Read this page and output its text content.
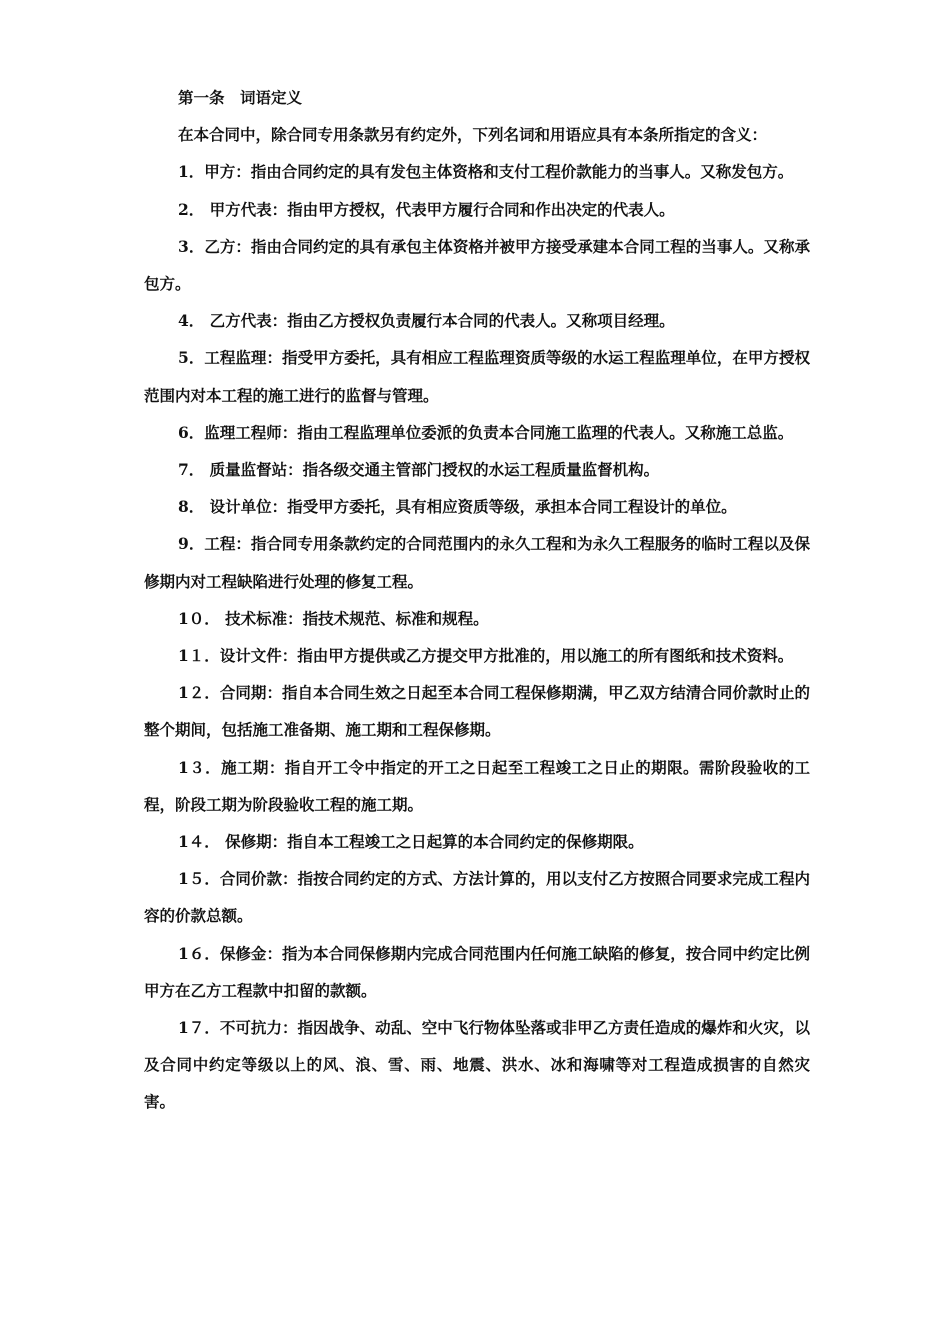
第一条　词语定义

在本合同中，除合同专用条款另有约定外，下列名词和用语应具有本条所指定的含义：

1．甲方：指由合同约定的具有发包主体资格和支付工程价款能力的当事人。又称发包方。

2． 甲方代表：指由甲方授权，代表甲方履行合同和作出决定的代表人。

3．乙方：指由合同约定的具有承包主体资格并被甲方接受承建本合同工程的当事人。又称承包方。

4． 乙方代表：指由乙方授权负责履行本合同的代表人。又称项目经理。

5．工程监理：指受甲方委托，具有相应工程监理资质等级的水运工程监理单位，在甲方授权范围内对本工程的施工进行的监督与管理。

6．监理工程师：指由工程监理单位委派的负责本合同施工监理的代表人。又称施工总监。

7． 质量监督站：指各级交通主管部门授权的水运工程质量监督机构。

8． 设计单位：指受甲方委托，具有相应资质等级，承担本合同工程设计的单位。

9．工程：指合同专用条款约定的合同范围内的永久工程和为永久工程服务的临时工程以及保修期内对工程缺陷进行处理的修复工程。

1０． 技术标准：指技术规范、标准和规程。

1１．设计文件：指由甲方提供或乙方提交甲方批准的，用以施工的所有图纸和技术资料。

1２．合同期：指自本合同生效之日起至本合同工程保修期满，甲乙双方结清合同价款时止的整个期间，包括施工准备期、施工期和工程保修期。

1３．施工期：指自开工令中指定的开工之日起至工程竣工之日止的期限。需阶段验收的工程，阶段工期为阶段验收工程的施工期。

1４． 保修期：指自本工程竣工之日起算的本合同约定的保修期限。

1５．合同价款：指按合同约定的方式、方法计算的，用以支付乙方按照合同要求完成工程内容的价款总额。

1６．保修金：指为本合同保修期内完成合同范围内任何施工缺陷的修复，按合同中约定比例甲方在乙方工程款中扣留的款额。

1７．不可抗力：指因战争、动乱、空中飞行物体坠落或非甲乙方责任造成的爆炸和火灾，以及合同中约定等级以上的风、浪、雪、雨、地震、洪水、冰和海啸等对工程造成损害的自然灾害。
